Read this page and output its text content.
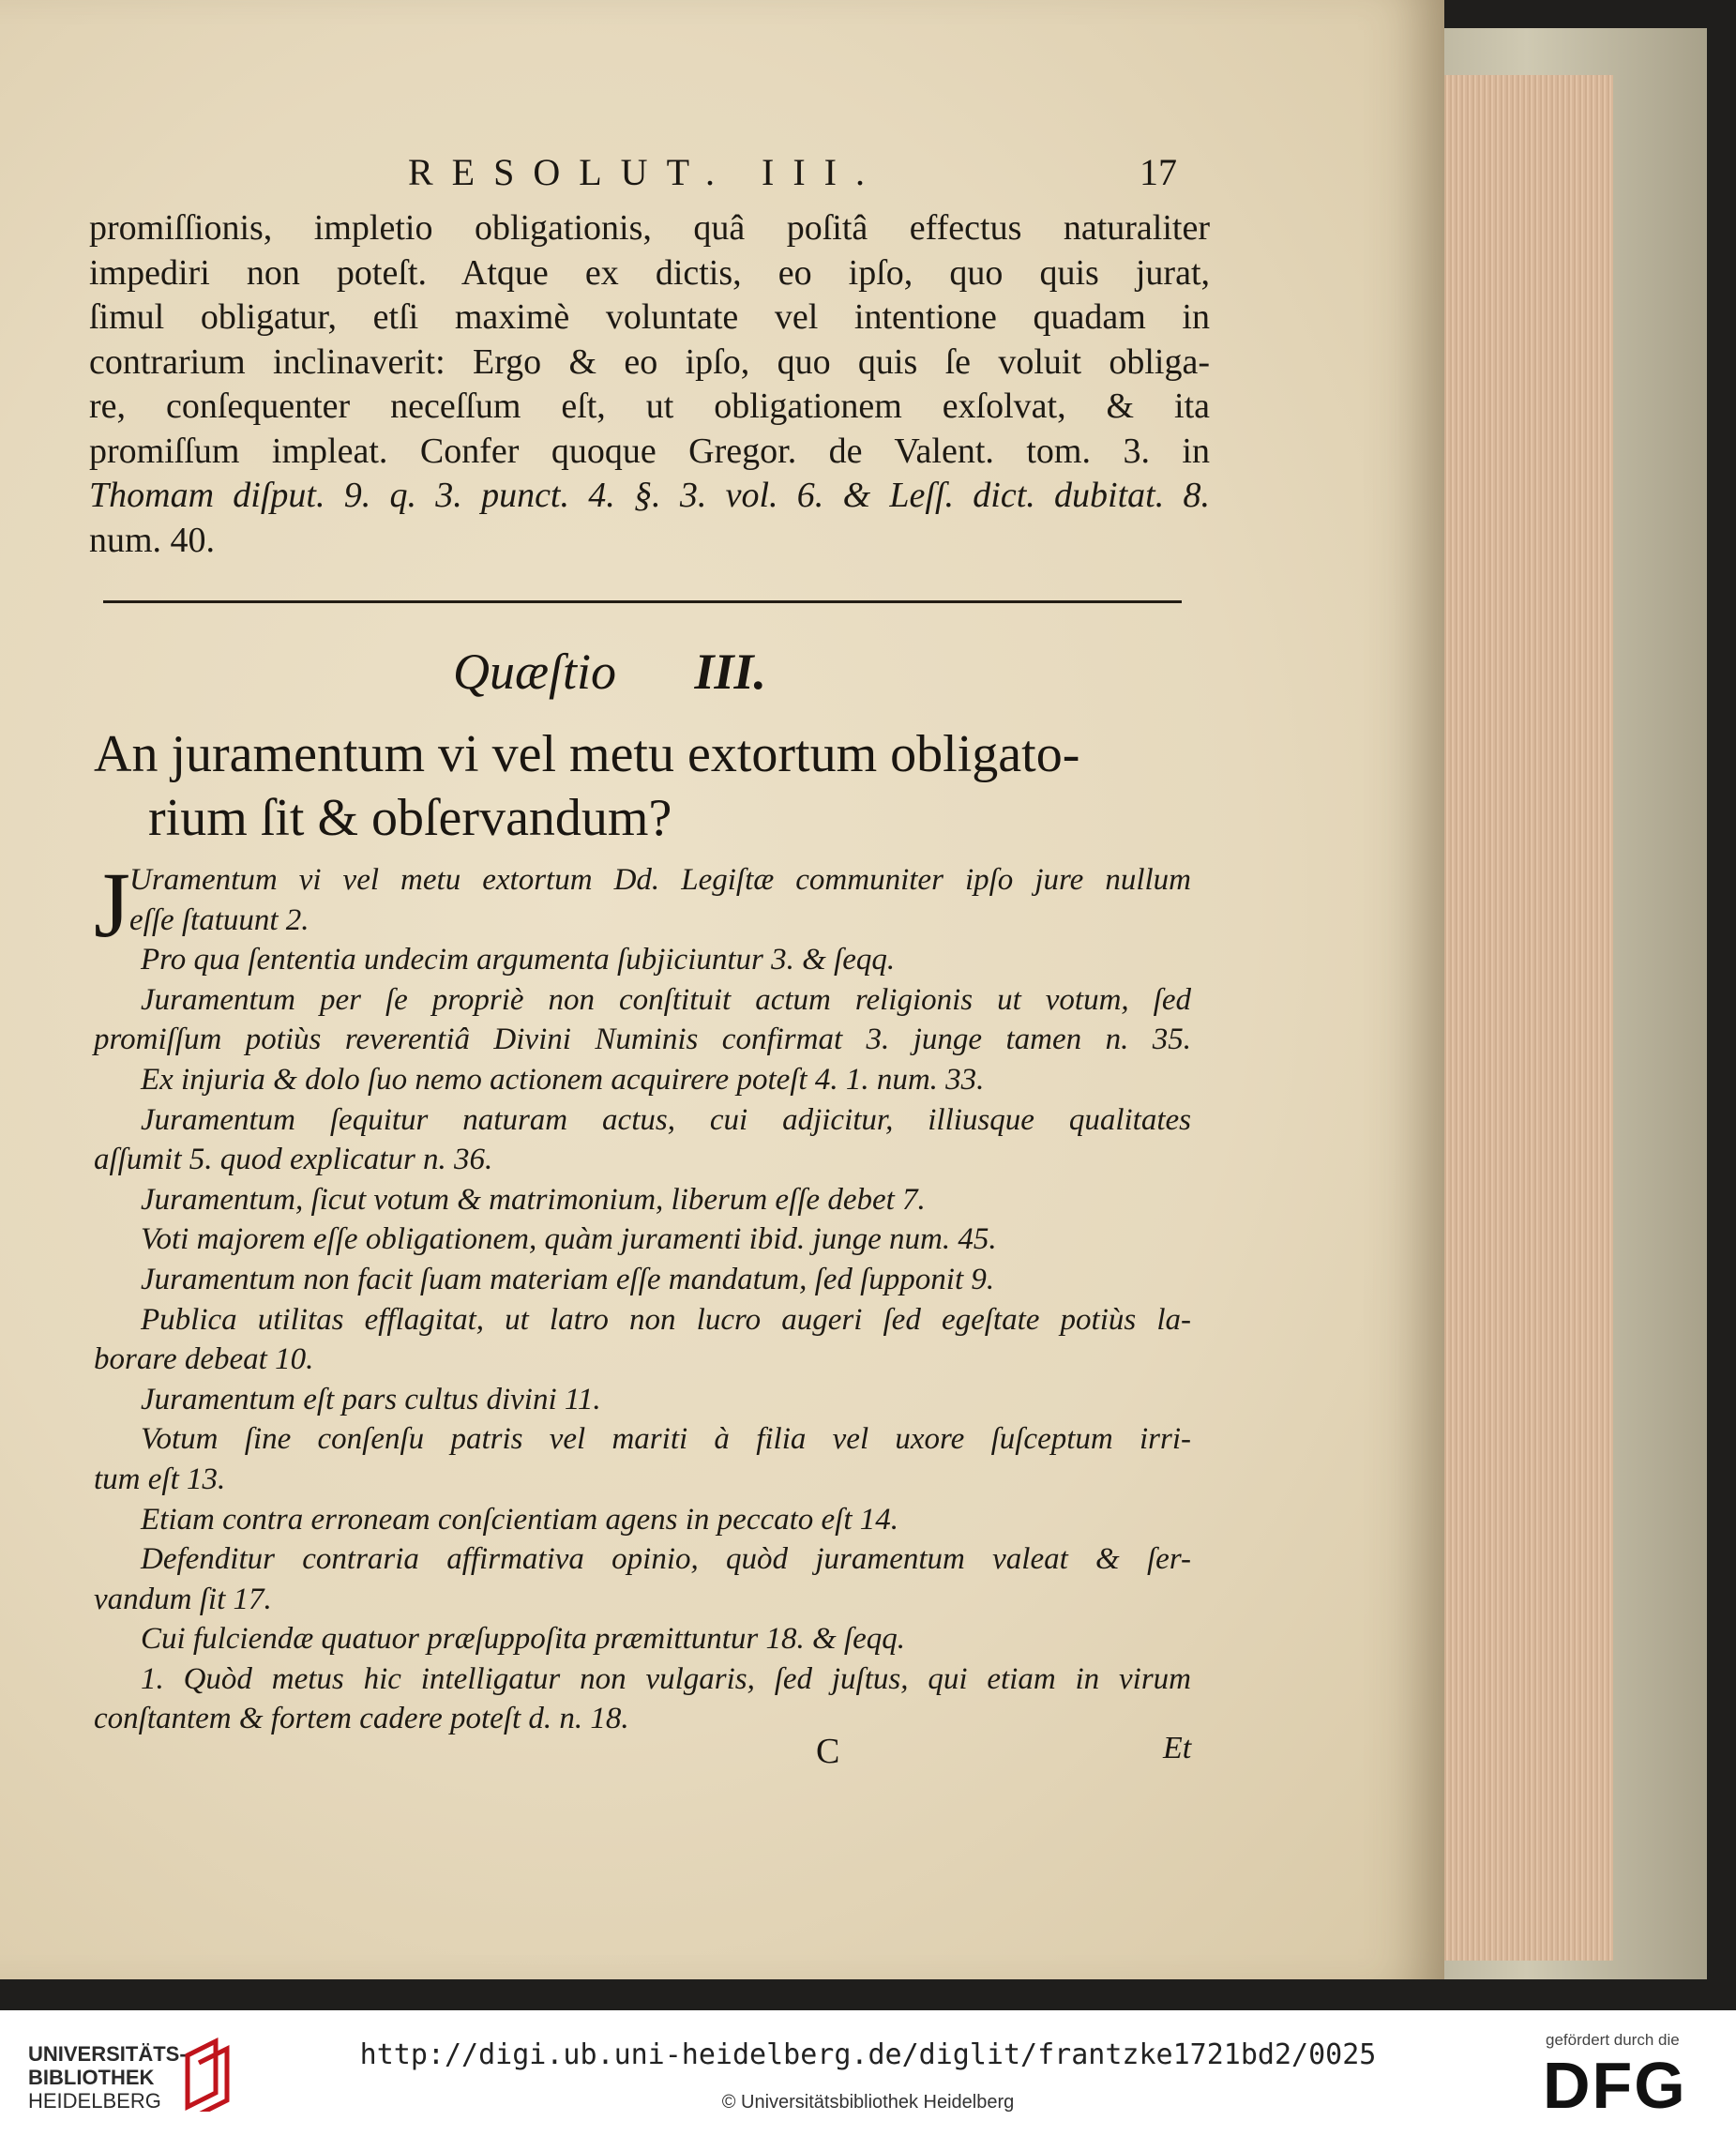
RESOLUT. III.	17
promiſſionis, impletio obligationis, quâ poſitâ effectus naturaliter
impediri non poteſt. Atque ex dictis, eo ipſo, quo quis jurat,
ſimul obligatur, etſi maximè voluntate vel intentione quadam in
contrarium inclinaverit: Ergo & eo ipſo, quo quis ſe voluit obliga-
re, conſequenter neceſſum eſt, ut obligationem exſolvat, & ita
promiſſum impleat. Confer quoque Gregor. de Valent. tom. 3. in
Thomam diſput. 9. q. 3. punct. 4. §. 3. vol. 6. & Leſſ. dict. dubitat. 8.
num. 40.
Quæſtio III.
An juramentum vi vel metu extortum obligato-
rium ſit & obſervandum?
J Uramentum vi vel metu extortum Dd. Legiſtæ communiter ipſo jure nullum
eſſe ſtatuunt 2.
Pro qua ſententia undecim argumenta ſubjiciuntur 3. & ſeqq.
Juramentum per ſe propriè non conſtituit actum religionis ut votum, ſed
promiſſum potiùs reverentiâ Divini Numinis confirmat 3. junge tamen n. 35.
Ex injuria & dolo ſuo nemo actionem acquirere poteſt 4. 1. num. 33.
Juramentum ſequitur naturam actus, cui adjicitur, illiusque qualitates
aſſumit 5. quod explicatur n. 36.
Juramentum, ſicut votum & matrimonium, liberum eſſe debet 7.
Voti majorem eſſe obligationem, quàm juramenti ibid. junge num. 45.
Juramentum non facit ſuam materiam eſſe mandatum, ſed ſupponit 9.
Publica utilitas efflagitat, ut latro non lucro augeri ſed egeſtate potiùs la-
borare debeat 10.
Juramentum eſt pars cultus divini 11.
Votum ſine conſenſu patris vel mariti à filia vel uxore ſuſceptum irri-
tum eſt 13.
Etiam contra erroneam conſcientiam agens in peccato eſt 14.
Defenditur contraria affirmativa opinio, quòd juramentum valeat & ſer-
vandum ſit 17.
Cui fulciendæ quatuor præſuppoſita præmittuntur 18. & ſeqq.
1. Quòd metus hic intelligatur non vulgaris, ſed juſtus, qui etiam in virum
conſtantem & fortem cadere poteſt d. n. 18.
C	Et
UNIVERSITÄTS-
BIBLIOTHEK
HEIDELBERG
http://digi.ub.uni-heidelberg.de/diglit/frantzke1721bd2/0025
© Universitätsbibliothek Heidelberg
gefördert durch die
DFG
